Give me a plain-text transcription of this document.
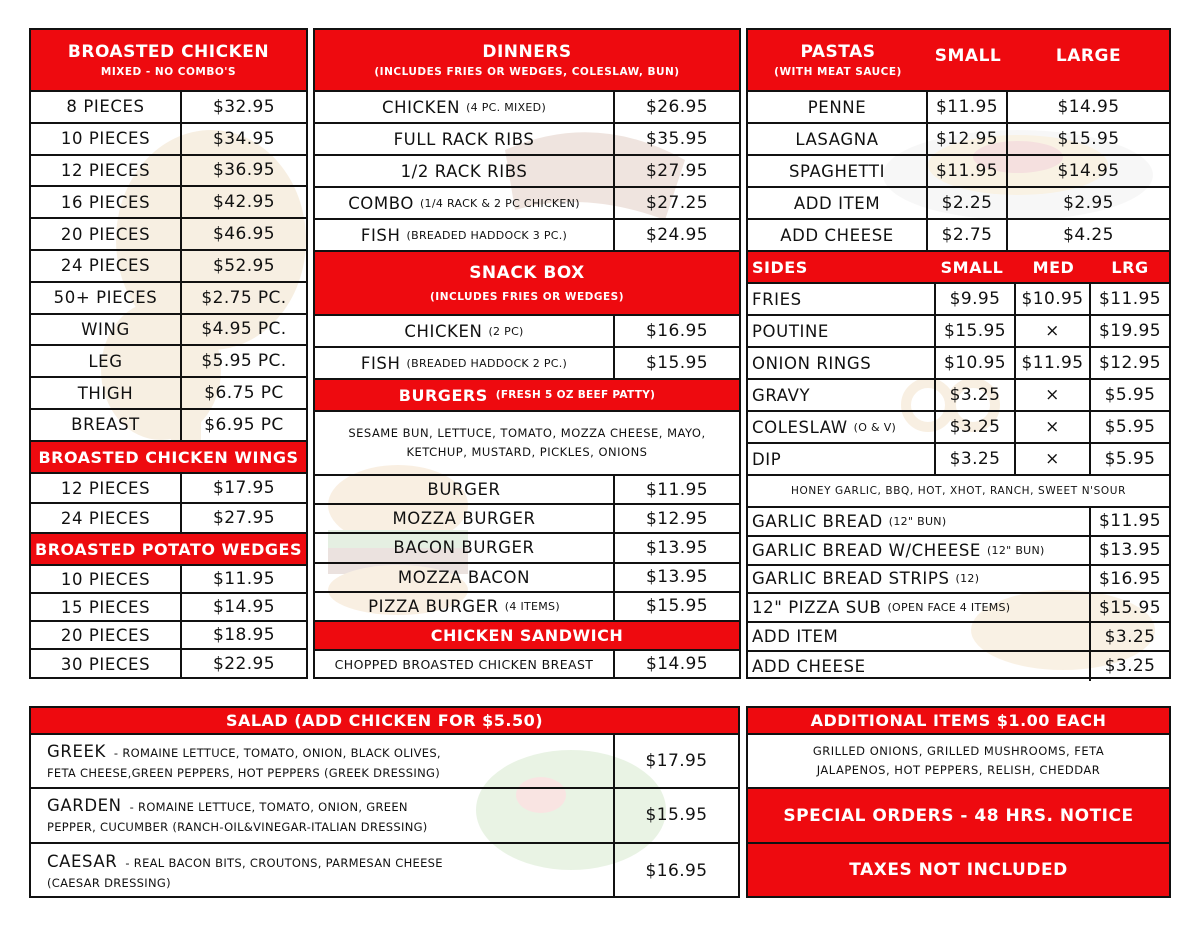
BROASTED CHICKEN
MIXED - NO COMBO'S
8 PIECES	$32.95
10 PIECES	$34.95
12 PIECES	$36.95
16 PIECES	$42.95
20 PIECES	$46.95
24 PIECES	$52.95
50+ PIECES	$2.75 PC.
WING	$4.95 PC.
LEG	$5.95 PC.
THIGH	$6.75 PC
BREAST	$6.95 PC
BROASTED CHICKEN WINGS
12 PIECES	$17.95
24 PIECES	$27.95
BROASTED POTATO WEDGES
10 PIECES	$11.95
15 PIECES	$14.95
20 PIECES	$18.95
30 PIECES	$22.95
DINNERS
(INCLUDES FRIES OR WEDGES, COLESLAW, BUN)
CHICKEN (4 PC. MIXED)	$26.95
FULL RACK RIBS	$35.95
1/2 RACK RIBS	$27.95
COMBO (1/4 RACK & 2 PC CHICKEN)	$27.25
FISH (BREADED HADDOCK 3 PC.)	$24.95
SNACK BOX
(INCLUDES FRIES OR WEDGES)
CHICKEN (2 PC)	$16.95
FISH (BREADED HADDOCK 2 PC.)	$15.95
BURGERS (FRESH 5 OZ BEEF PATTY)
SESAME BUN, LETTUCE, TOMATO, MOZZA CHEESE, MAYO,
KETCHUP, MUSTARD, PICKLES, ONIONS
BURGER	$11.95
MOZZA BURGER	$12.95
BACON BURGER	$13.95
MOZZA BACON	$13.95
PIZZA BURGER (4 ITEMS)	$15.95
CHICKEN SANDWICH
CHOPPED BROASTED CHICKEN BREAST	$14.95
PASTAS
(WITH MEAT SAUCE)
SMALL	LARGE
PENNE	$11.95	$14.95
LASAGNA	$12.95	$15.95
SPAGHETTI	$11.95	$14.95
ADD ITEM	$2.25	$2.95
ADD CHEESE	$2.75	$4.25
SIDES	SMALL MED LRG
FRIES	$9.95 $10.95 $11.95
POUTINE	$15.95 × $19.95
ONION RINGS	$10.95 $11.95 $12.95
GRAVY	$3.25	×	$5.95
COLESLAW (O & V)	$3.25	×	$5.95
DIP	$3.25	×	$5.95
HONEY GARLIC, BBQ, HOT, XHOT, RANCH, SWEET N'SOUR
GARLIC BREAD (12" BUN)	$11.95
GARLIC BREAD W/CHEESE (12" BUN)	$13.95
GARLIC BREAD STRIPS (12)	$16.95
12" PIZZA SUB (OPEN FACE 4 ITEMS)	$15.95
ADD ITEM	$3.25
ADD CHEESE	$3.25
SALAD (ADD CHICKEN FOR $5.50)
GREEK - ROMAINE LETTUCE, TOMATO, ONION, BLACK OLIVES,
FETA CHEESE,GREEN PEPPERS, HOT PEPPERS (GREEK DRESSING)
$17.95
GARDEN - ROMAINE LETTUCE, TOMATO, ONION, GREEN
PEPPER, CUCUMBER (RANCH-OIL&VINEGAR-ITALIAN DRESSING)
$15.95
CAESAR - REAL BACON BITS, CROUTONS, PARMESAN CHEESE
(CAESAR DRESSING)
$16.95
ADDITIONAL ITEMS $1.00 EACH
GRILLED ONIONS, GRILLED MUSHROOMS, FETA
JALAPENOS, HOT PEPPERS, RELISH, CHEDDAR
SPECIAL ORDERS - 48 HRS. NOTICE
TAXES NOT INCLUDED
